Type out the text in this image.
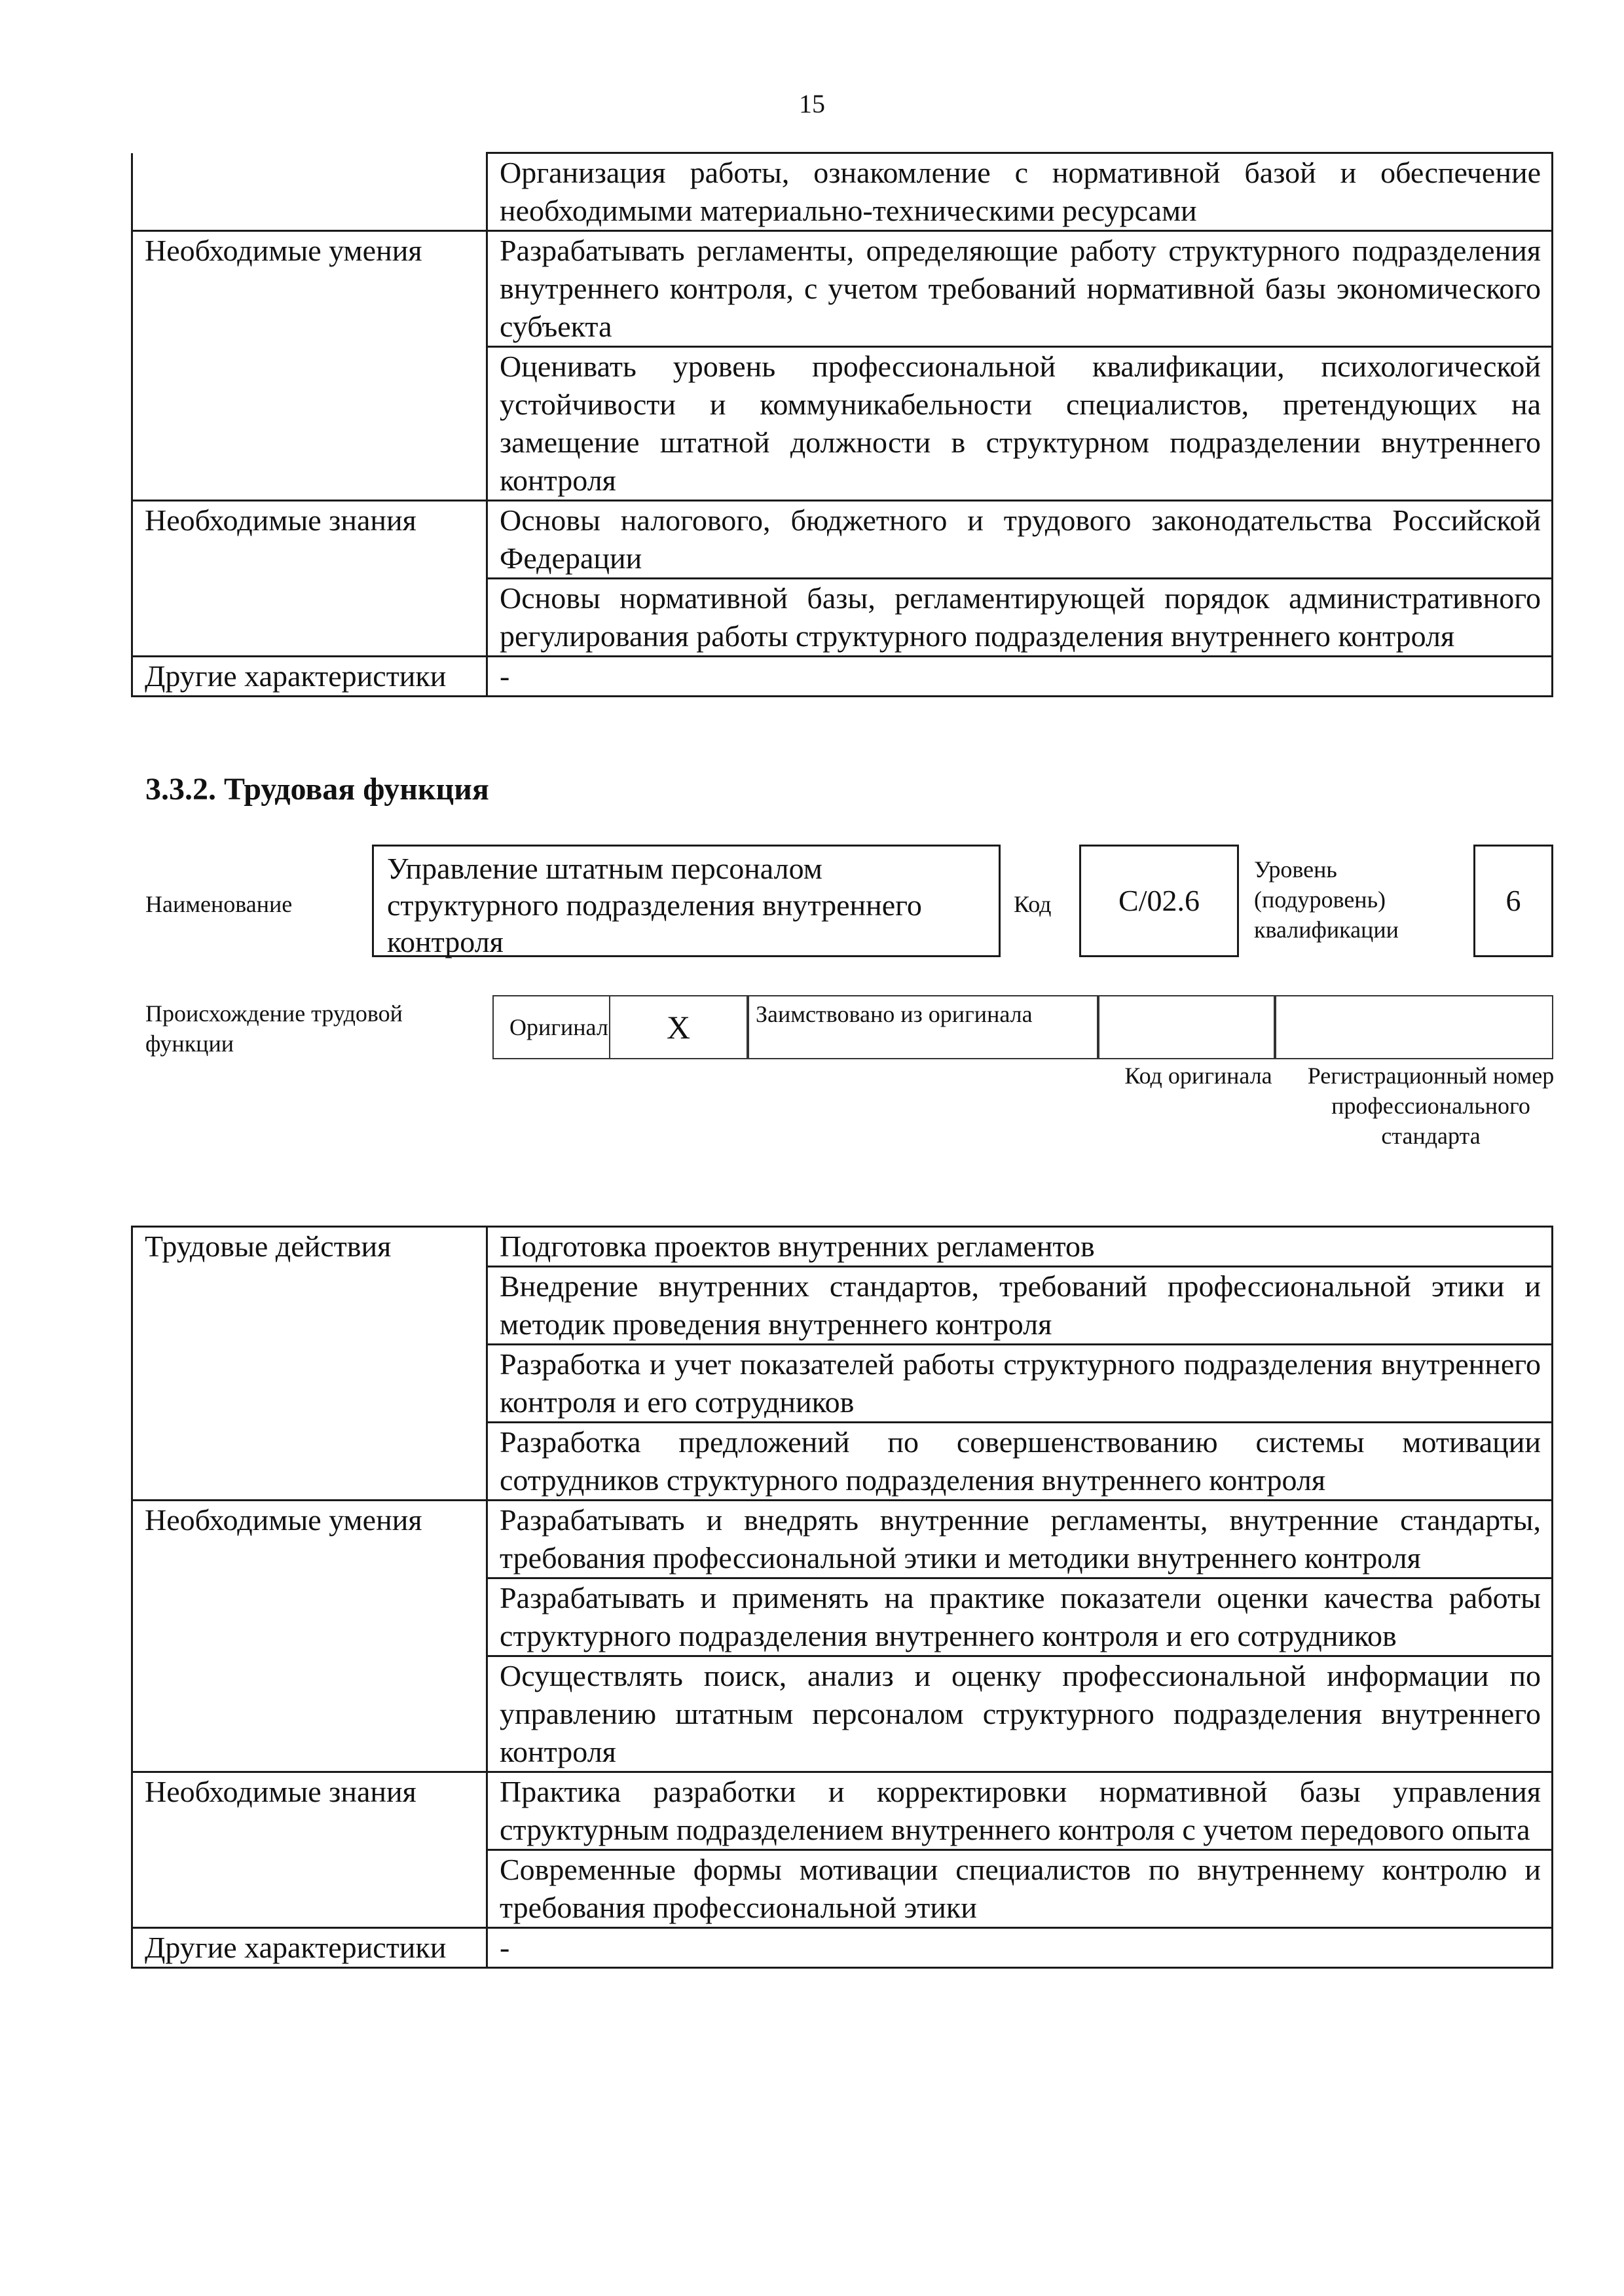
15
	Организация работы, ознакомление с нормативной базой и обеспечение необходимыми материально-техническими ресурсами
Необходимые умения	Разрабатывать регламенты, определяющие работу структурного подразделения внутреннего контроля, с учетом требований нормативной базы экономического субъекта
	Оценивать уровень профессиональной квалификации, психологической устойчивости и коммуникабельности специалистов, претендующих на замещение штатной должности в структурном подразделении внутреннего контроля
Необходимые знания	Основы налогового, бюджетного и трудового законодательства Российской Федерации
	Основы нормативной базы, регламентирующей порядок административного регулирования работы структурного подразделения внутреннего контроля
Другие характеристики	-
3.3.2. Трудовая функция
Наименование
Управление штатным персоналом структурного подразделения внутреннего контроля
Код С/02.6
Уровень (подуровень) квалификации
6
Происхождение трудовой функции
Оригинал X	Заимствовано из оригинала
Код оригинала	Регистрационный номер профессионального стандарта
Трудовые действия	Подготовка проектов внутренних регламентов
	Внедрение внутренних стандартов, требований профессиональной этики и методик проведения внутреннего контроля
	Разработка и учет показателей работы структурного подразделения внутреннего контроля и его сотрудников
	Разработка предложений по совершенствованию системы мотивации сотрудников структурного подразделения внутреннего контроля
Необходимые умения	Разрабатывать и внедрять внутренние регламенты, внутренние стандарты, требования профессиональной этики и методики внутреннего контроля
	Разрабатывать и применять на практике показатели оценки качества работы структурного подразделения внутреннего контроля и его сотрудников
	Осуществлять поиск, анализ и оценку профессиональной информации по управлению штатным персоналом структурного подразделения внутреннего контроля
Необходимые знания	Практика разработки и корректировки нормативной базы управления структурным подразделением внутреннего контроля с учетом передового опыта
	Современные формы мотивации специалистов по внутреннему контролю и требования профессиональной этики
Другие характеристики	-
